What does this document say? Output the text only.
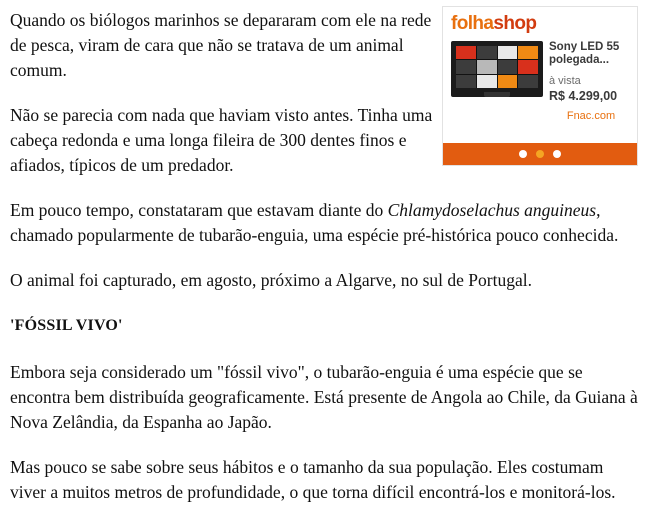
Quando os biólogos marinhos se depararam com ele na rede de pesca, viram de cara que não se tratava de um animal comum.

Não se parecia com nada que haviam visto antes. Tinha uma cabeça redonda e uma longa fileira de 300 dentes finos e afiados, típicos de um predador.

Em pouco tempo, constataram que estavam diante do Chlamydoselachus anguineus, chamado popularmente de tubarão-enguia, uma espécie pré-histórica pouco conhecida.

O animal foi capturado, em agosto, próximo a Algarve, no sul de Portugal.

'FÓSSIL VIVO'

Embora seja considerado um "fóssil vivo", o tubarão-enguia é uma espécie que se encontra bem distribuída geograficamente. Está presente de Angola ao Chile, da Guiana à Nova Zelândia, da Espanha ao Japão.

Mas pouco se sabe sobre seus hábitos e o tamanho da sua população. Eles costumam viver a muitos metros de profundidade, o que torna difícil encontrá-los e monitorá-los.

folhashop
Sony LED 55 polegada...
à vista
R$ 4.299,00
Fnac.com
